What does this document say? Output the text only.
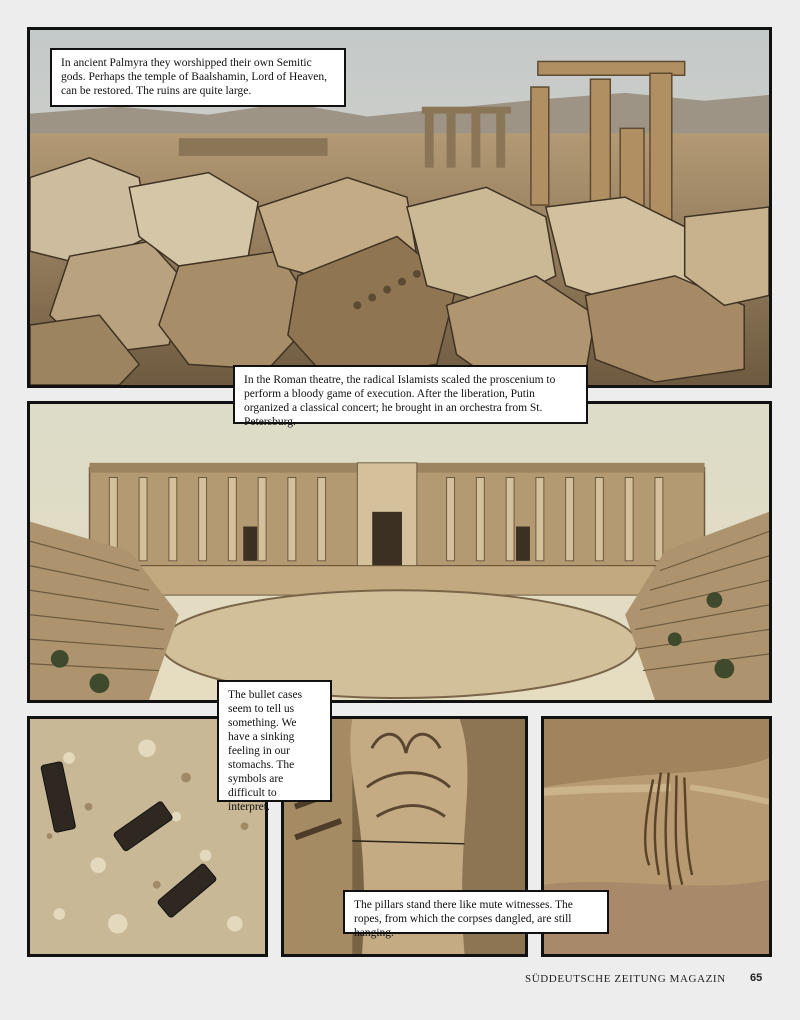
In ancient Palmyra they worshipped their own Semitic gods. Perhaps the temple of Baalshamin, Lord of Heaven, can be restored. The ruins are quite large.
In the Roman theatre, the radical Islamists scaled the proscenium to perform a bloody game of execution. After the liberation, Putin organized a classical concert; he brought in an orchestra from St. Petersburg.
The bullet cases seem to tell us something. We have a sinking feeling in our stomachs. The symbols are difficult to interpret.
The pillars stand there like mute witnesses. The ropes, from which the corpses dangled, are still hanging.
SÜDDEUTSCHE ZEITUNG MAGAZIN 65
